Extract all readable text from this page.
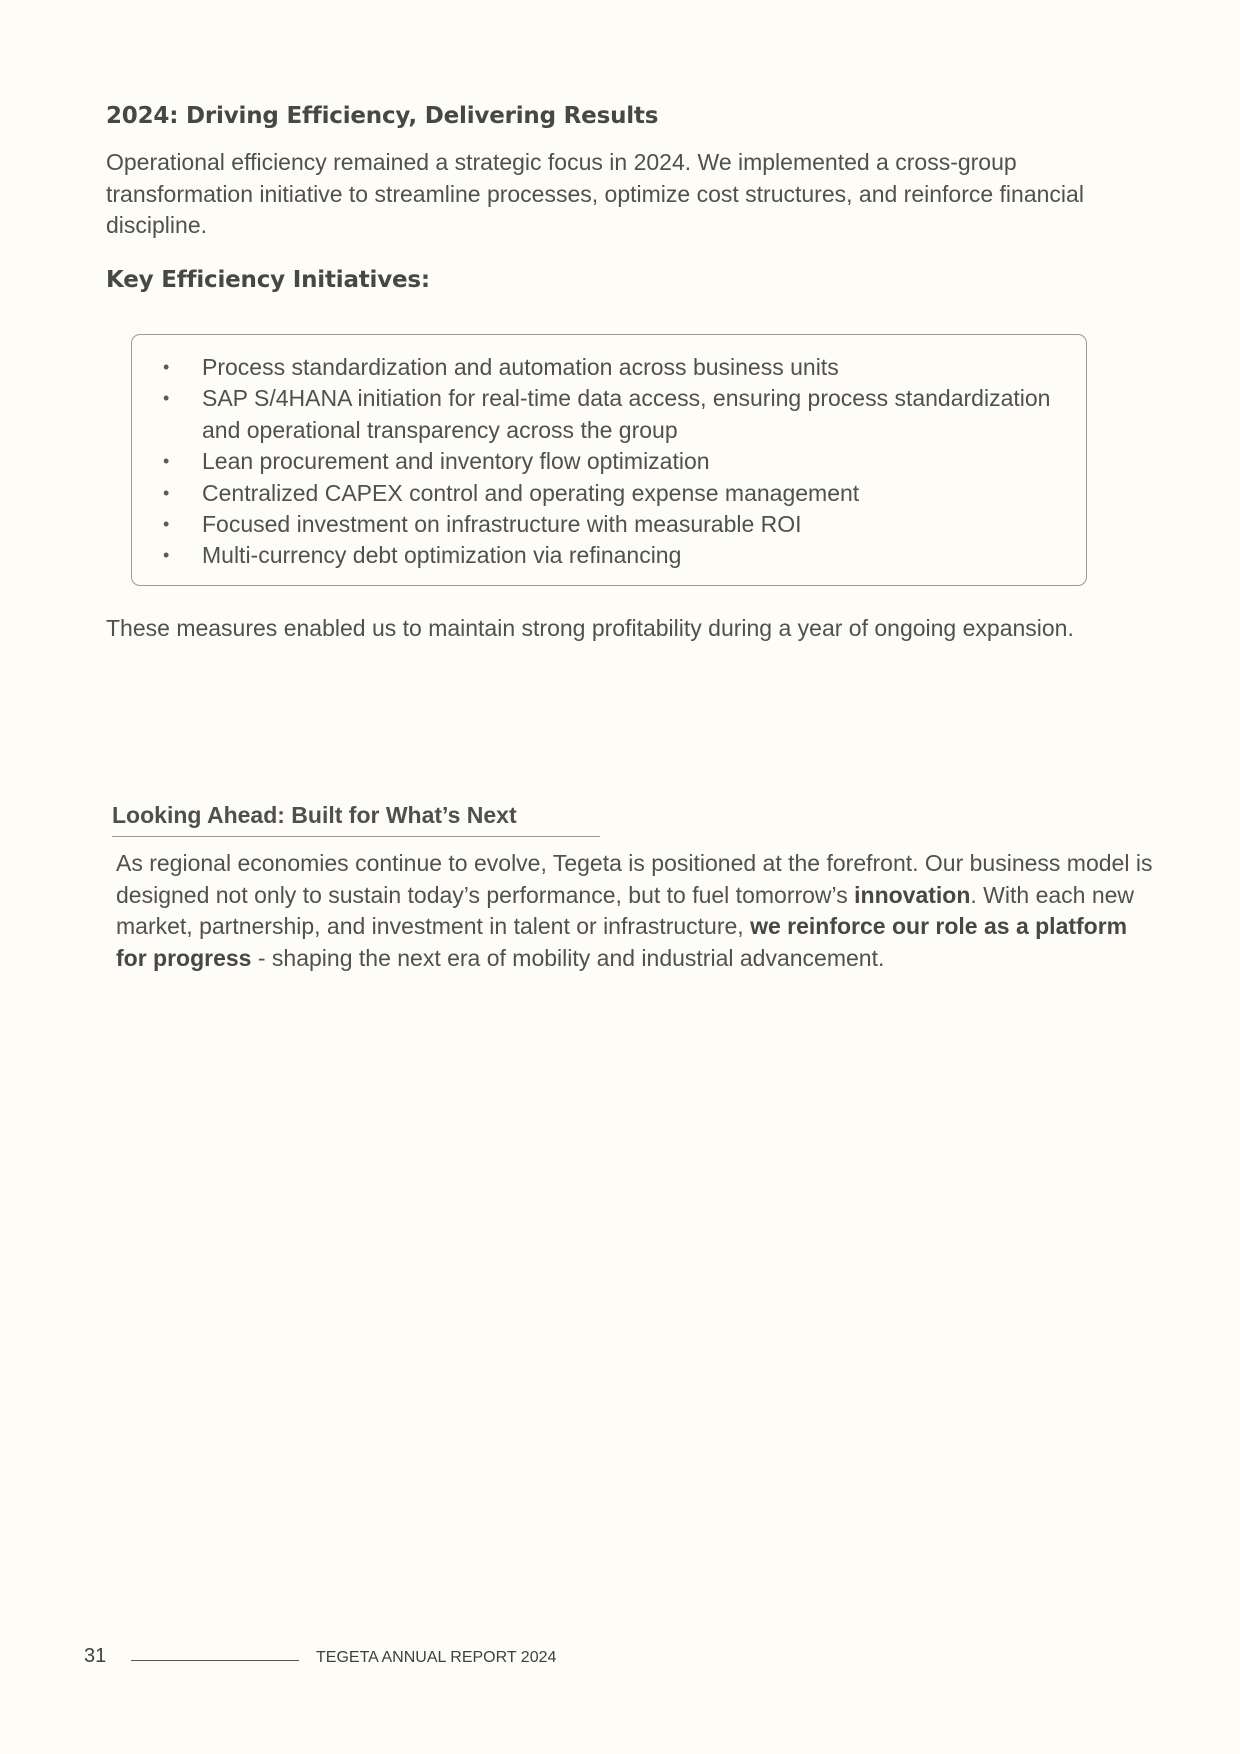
2024: Driving Efficiency, Delivering Results

Operational efficiency remained a strategic focus in 2024. We implemented a cross-group transformation initiative to streamline processes, optimize cost structures, and reinforce financial discipline.

Key Efficiency Initiatives:
• Process standardization and automation across business units
• SAP S/4HANA initiation for real-time data access, ensuring process standardization and operational transparency across the group
• Lean procurement and inventory flow optimization
• Centralized CAPEX control and operating expense management
• Focused investment on infrastructure with measurable ROI
• Multi-currency debt optimization via refinancing

These measures enabled us to maintain strong profitability during a year of ongoing expansion.

Looking Ahead: Built for What’s Next

As regional economies continue to evolve, Tegeta is positioned at the forefront. Our business model is designed not only to sustain today’s performance, but to fuel tomorrow’s innovation. With each new market, partnership, and investment in talent or infrastructure, we reinforce our role as a platform for progress - shaping the next era of mobility and industrial advancement.

31	TEGETA ANNUAL REPORT 2024
